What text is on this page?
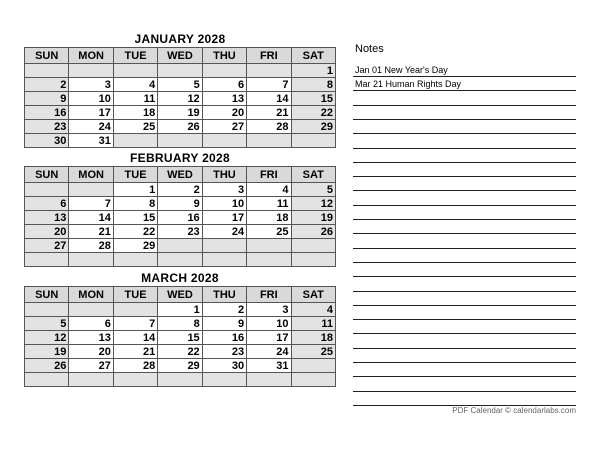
JANUARY 2028
SUN	MON	TUE	WED	THU	FRI	SAT
						1
2	3	4	5	6	7	8
9	10	11	12	13	14	15
16	17	18	19	20	21	22
23	24	25	26	27	28	29
30	31					
FEBRUARY 2028
SUN	MON	TUE	WED	THU	FRI	SAT
		1	2	3	4	5
6	7	8	9	10	11	12
13	14	15	16	17	18	19
20	21	22	23	24	25	26
27	28	29				

MARCH 2028
SUN	MON	TUE	WED	THU	FRI	SAT
			1	2	3	4
5	6	7	8	9	10	11
12	13	14	15	16	17	18
19	20	21	22	23	24	25
26	27	28	29	30	31	

Notes
Jan 01 New Year's Day
Mar 21 Human Rights Day
PDF Calendar © calendarlabs.com
